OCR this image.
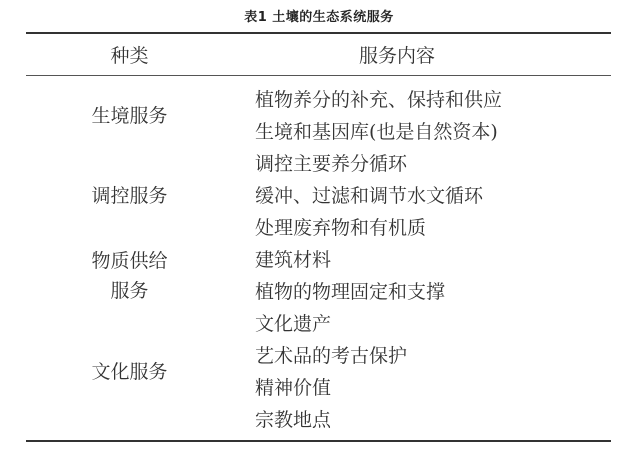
表1 土壤的生态系统服务
种类	服务内容
生境服务
植物养分的补充、保持和供应
生境和基因库(也是自然资本)
调控服务
调控主要养分循环
缓冲、过滤和调节水文循环
处理废弃物和有机质
物质供给
服务
建筑材料
植物的物理固定和支撑
文化服务
文化遗产
艺术品的考古保护
精神价值
宗教地点
